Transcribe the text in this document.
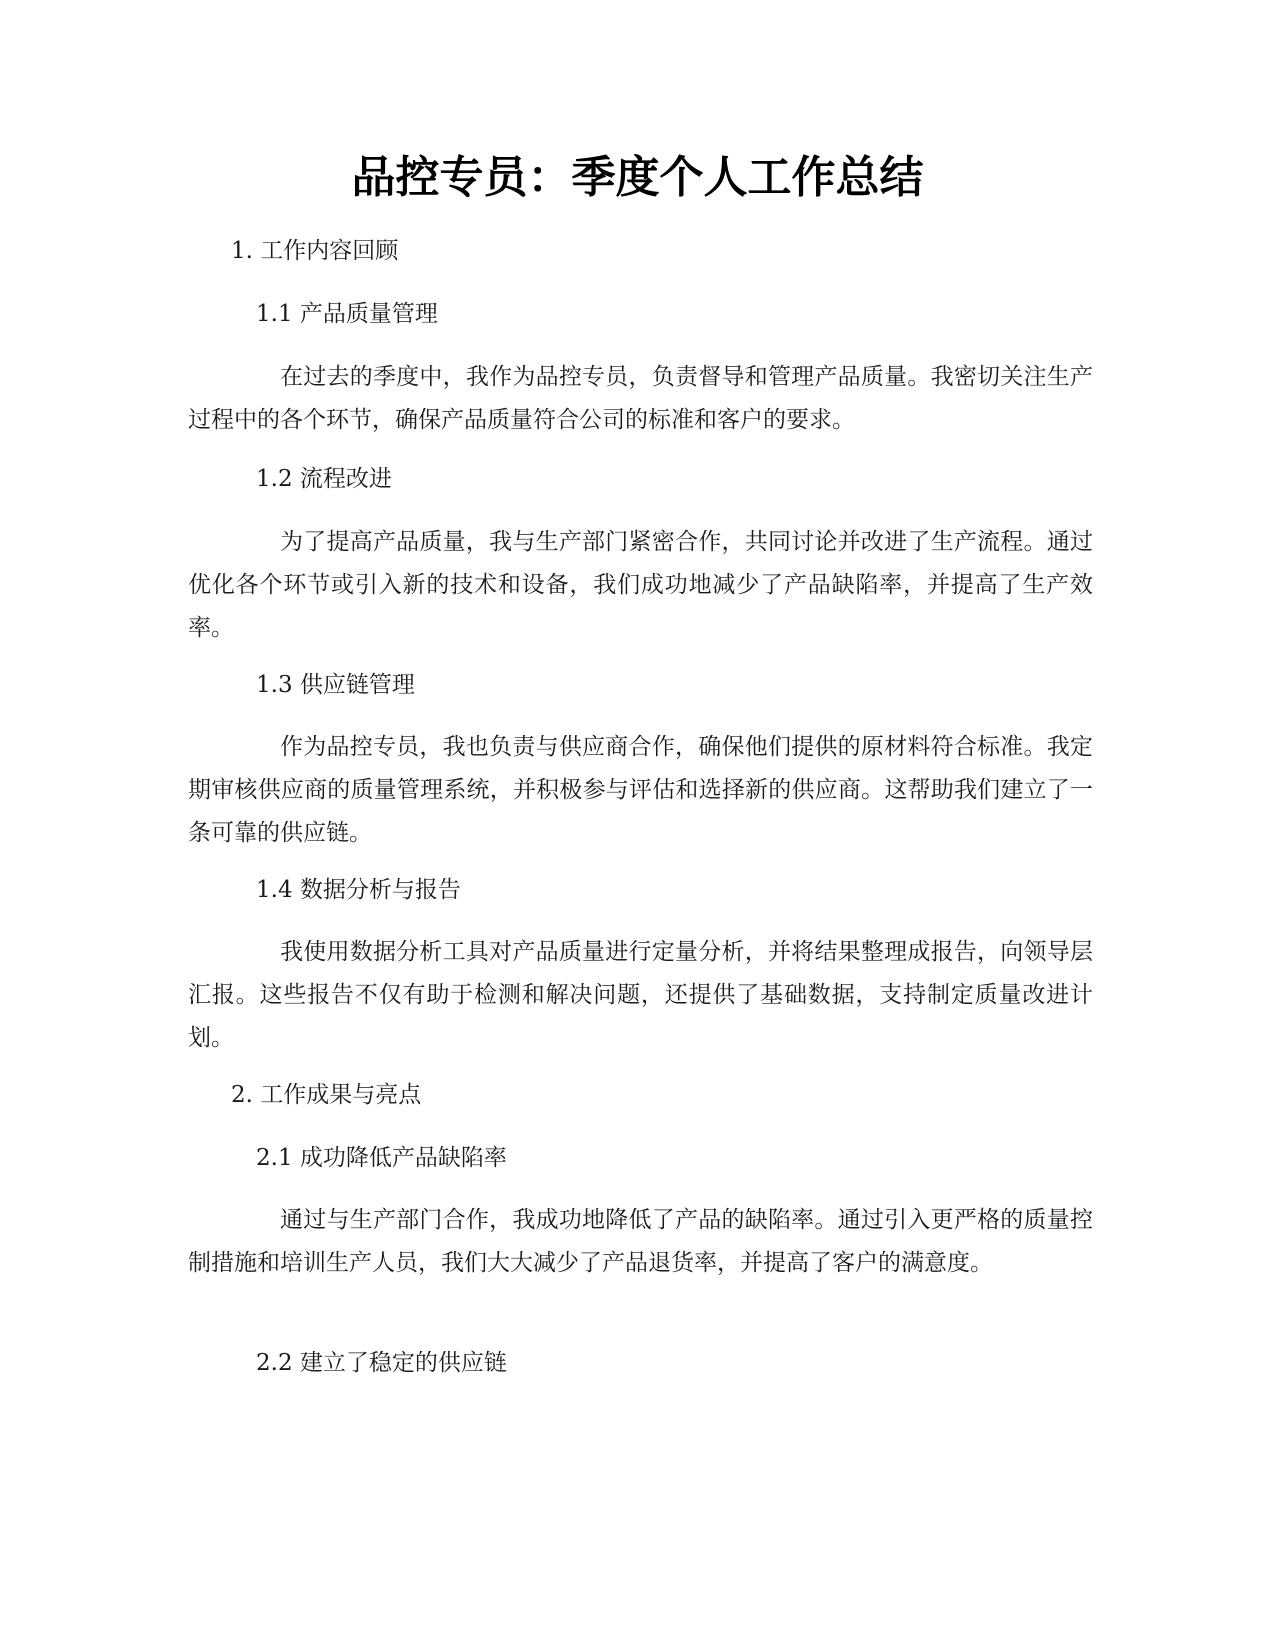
品控专员：季度个人工作总结

1. 工作内容回顾

1.1 产品质量管理

在过去的季度中，我作为品控专员，负责督导和管理产品质量。我密切关注生产过程中的各个环节，确保产品质量符合公司的标准和客户的要求。

1.2 流程改进

为了提高产品质量，我与生产部门紧密合作，共同讨论并改进了生产流程。通过优化各个环节或引入新的技术和设备，我们成功地减少了产品缺陷率，并提高了生产效率。

1.3 供应链管理

作为品控专员，我也负责与供应商合作，确保他们提供的原材料符合标准。我定期审核供应商的质量管理系统，并积极参与评估和选择新的供应商。这帮助我们建立了一条可靠的供应链。

1.4 数据分析与报告

我使用数据分析工具对产品质量进行定量分析，并将结果整理成报告，向领导层汇报。这些报告不仅有助于检测和解决问题，还提供了基础数据，支持制定质量改进计划。

2. 工作成果与亮点

2.1 成功降低产品缺陷率

通过与生产部门合作，我成功地降低了产品的缺陷率。通过引入更严格的质量控制措施和培训生产人员，我们大大减少了产品退货率，并提高了客户的满意度。

2.2 建立了稳定的供应链
